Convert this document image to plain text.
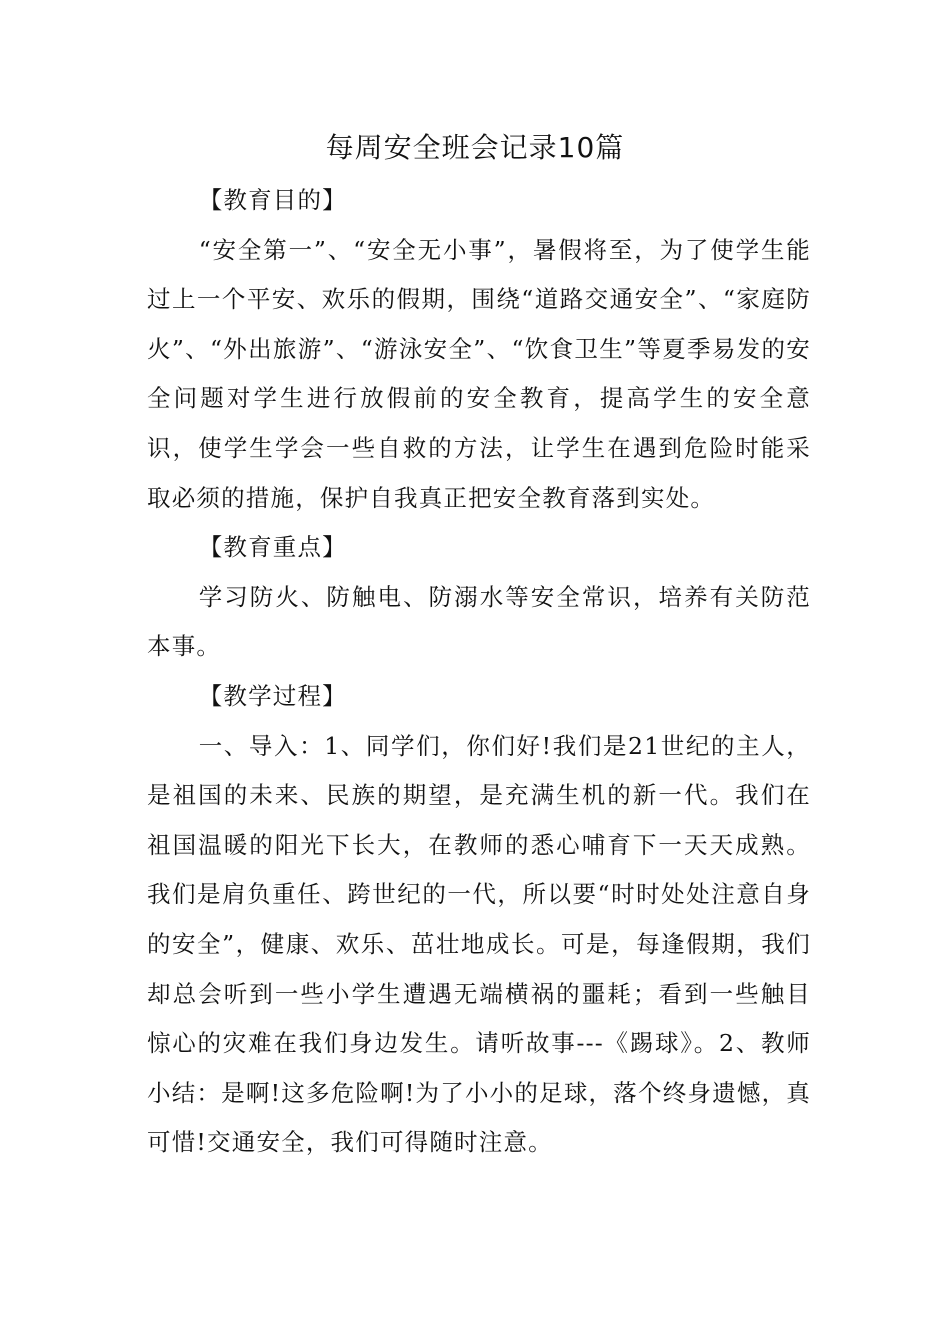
每周安全班会记录10篇

【教育目的】

“安全第一”、“安全无小事”，暑假将至，为了使学生能过上一个平安、欢乐的假期，围绕“道路交通安全”、“家庭防火”、“外出旅游”、“游泳安全”、“饮食卫生”等夏季易发的安全问题对学生进行放假前的安全教育，提高学生的安全意识，使学生学会一些自救的方法，让学生在遇到危险时能采取必须的措施，保护自我真正把安全教育落到实处。

【教育重点】

学习防火、防触电、防溺水等安全常识，培养有关防范本事。

【教学过程】

一、导入：1、同学们，你们好!我们是21世纪的主人，是祖国的未来、民族的期望，是充满生机的新一代。我们在祖国温暖的阳光下长大，在教师的悉心哺育下一天天成熟。我们是肩负重任、跨世纪的一代，所以要“时时处处注意自身的安全”，健康、欢乐、茁壮地成长。可是，每逢假期，我们却总会听到一些小学生遭遇无端横祸的噩耗；看到一些触目惊心的灾难在我们身边发生。请听故事---《踢球》。2、教师小结：是啊!这多危险啊!为了小小的足球，落个终身遗憾，真可惜!交通安全，我们可得随时注意。
